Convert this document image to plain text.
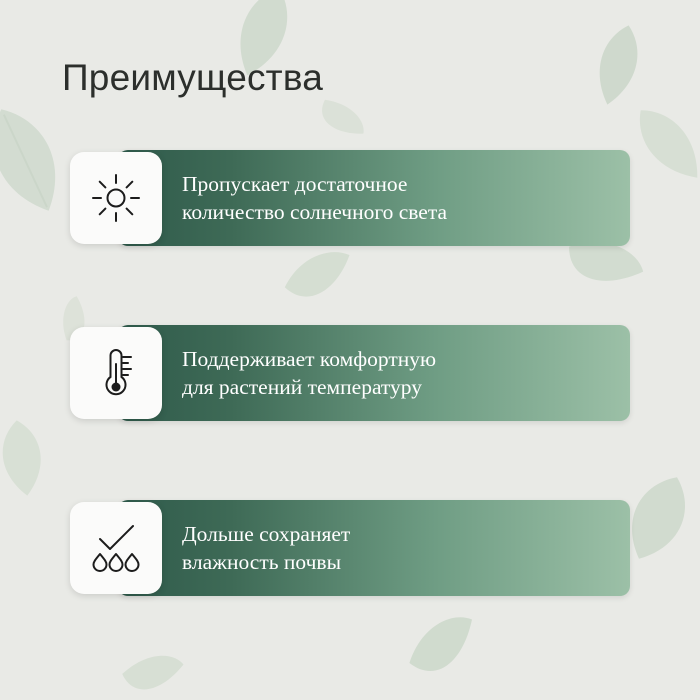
Преимущества
Пропускает достаточное
количество солнечного света
Поддерживает комфортную
для растений температуру
Дольше сохраняет
влажность почвы
